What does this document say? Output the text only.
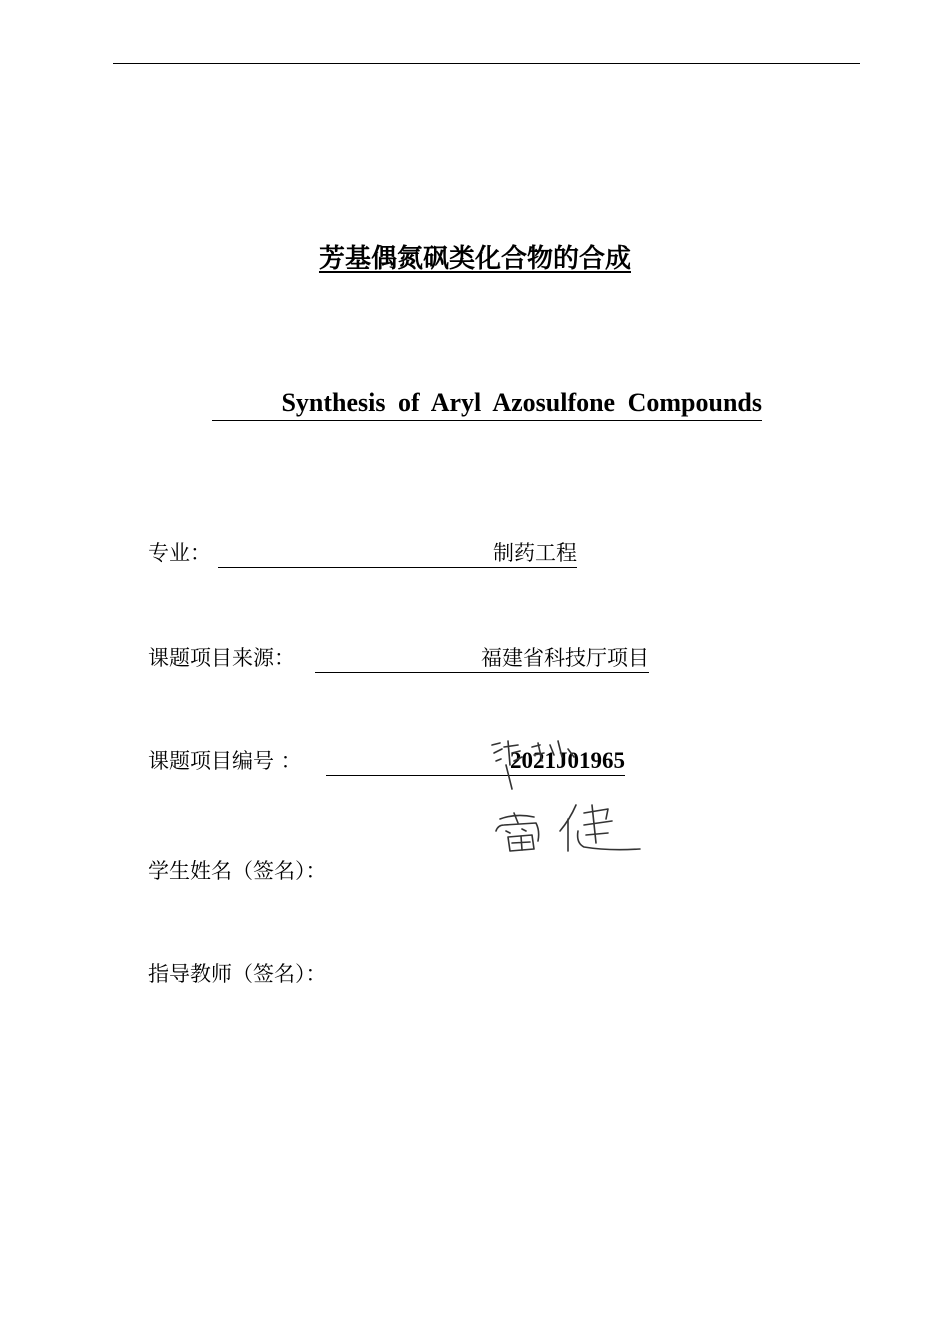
芳基偶氮砜类化合物的合成
Synthesis of Aryl Azosulfone Compounds
专业：	制药工程
课题项目来源：	福建省科技厅项目
课题项目编号 ：	2021J01965
学生姓名（签名）：
指导教师（签名）：
